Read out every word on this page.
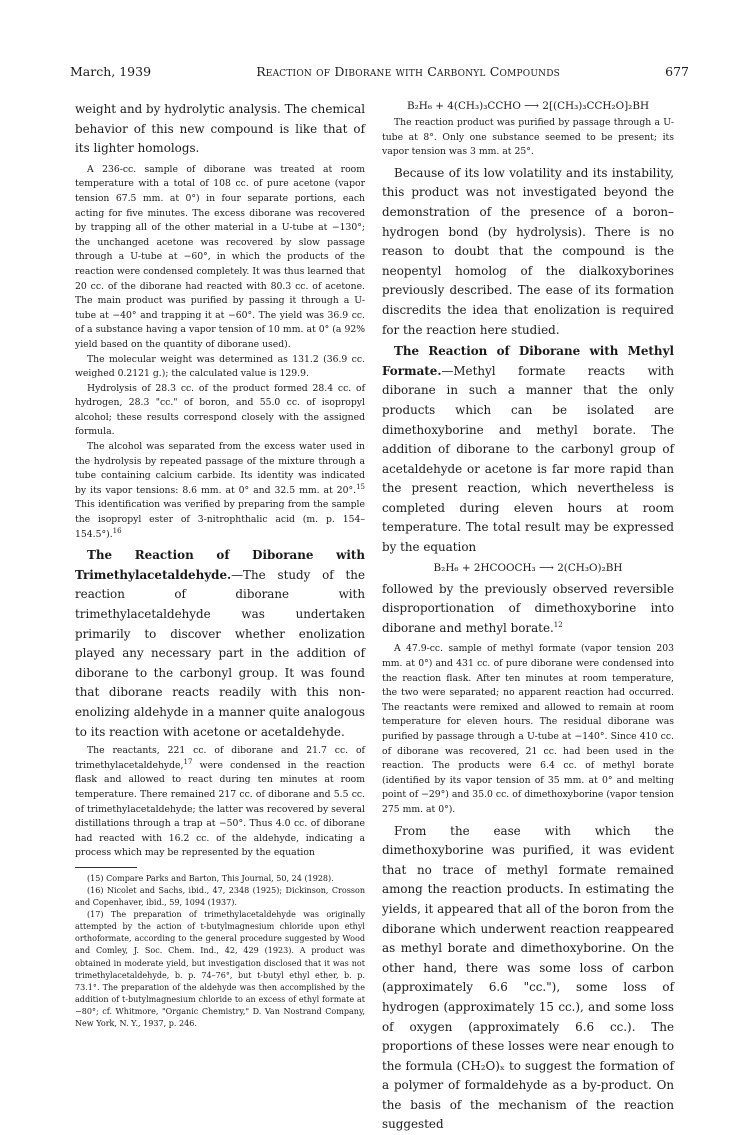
March, 1939	Reaction of Diborane with Carbonyl Compounds	677

weight and by hydrolytic analysis. The chemical behavior of this new compound is like that of its lighter homologs.

A 236-cc. sample of diborane was treated at room temperature with a total of 108 cc. of pure acetone (vapor tension 67.5 mm. at 0°) in four separate portions, each acting for five minutes. The excess diborane was recovered by trapping all of the other material in a U-tube at −130°; the unchanged acetone was recovered by slow passage through a U-tube at −60°, in which the products of the reaction were condensed completely. It was thus learned that 20 cc. of the diborane had reacted with 80.3 cc. of acetone. The main product was purified by passing it through a U-tube at −40° and trapping it at −60°. The yield was 36.9 cc. of a substance having a vapor tension of 10 mm. at 0° (a 92% yield based on the quantity of diborane used).

The molecular weight was determined as 131.2 (36.9 cc. weighed 0.2121 g.); the calculated value is 129.9.

Hydrolysis of 28.3 cc. of the product formed 28.4 cc. of hydrogen, 28.3 "cc." of boron, and 55.0 cc. of isopropyl alcohol; these results correspond closely with the assigned formula.

The alcohol was separated from the excess water used in the hydrolysis by repeated passage of the mixture through a tube containing calcium carbide. Its identity was indicated by its vapor tensions: 8.6 mm. at 0° and 32.5 mm. at 20°.$^{15}$ This identification was verified by preparing from the sample the isopropyl ester of 3-nitrophthalic acid (m. p. 154–154.5°).$^{16}$

The Reaction of Diborane with Trimethylacetaldehyde.—The study of the reaction of diborane with trimethylacetaldehyde was undertaken primarily to discover whether enolization played any necessary part in the addition of diborane to the carbonyl group. It was found that diborane reacts readily with this non-enolizing aldehyde in a manner quite analogous to its reaction with acetone or acetaldehyde.

The reactants, 221 cc. of diborane and 21.7 cc. of trimethylacetaldehyde,$^{17}$ were condensed in the reaction flask and allowed to react during ten minutes at room temperature. There remained 217 cc. of diborane and 5.5 cc. of trimethylacetaldehyde; the latter was recovered by several distillations through a trap at −50°. Thus 4.0 cc. of diborane had reacted with 16.2 cc. of the aldehyde, indicating a process which may be represented by the equation

(15) Compare Parks and Barton, This Journal, 50, 24 (1928).

(16) Nicolet and Sachs, ibid., 47, 2348 (1925); Dickinson, Crosson and Copenhaver, ibid., 59, 1094 (1937).

(17) The preparation of trimethylacetaldehyde was originally attempted by the action of t-butylmagnesium chloride upon ethyl orthoformate, according to the general procedure suggested by Wood and Comley, J. Soc. Chem. Ind., 42, 429 (1923). A product was obtained in moderate yield, but investigation disclosed that it was not trimethylacetaldehyde, b. p. 74–76°, but t-butyl ethyl ether, b. p. 73.1°. The preparation of the aldehyde was then accomplished by the addition of t-butylmagnesium chloride to an excess of ethyl formate at −80°; cf. Whitmore, "Organic Chemistry," D. Van Nostrand Company, New York, N. Y., 1937, p. 246.

B₂H₆ + 4(CH₃)₃CCHO ⟶ 2[(CH₃)₃CCH₂O]₂BH

The reaction product was purified by passage through a U-tube at 8°. Only one substance seemed to be present; its vapor tension was 3 mm. at 25°.

Because of its low volatility and its instability, this product was not investigated beyond the demonstration of the presence of a boron–hydrogen bond (by hydrolysis). There is no reason to doubt that the compound is the neopentyl homolog of the dialkoxyborines previously described. The ease of its formation discredits the idea that enolization is required for the reaction here studied.

The Reaction of Diborane with Methyl Formate.—Methyl formate reacts with diborane in such a manner that the only products which can be isolated are dimethoxyborine and methyl borate. The addition of diborane to the carbonyl group of acetaldehyde or acetone is far more rapid than the present reaction, which nevertheless is completed during eleven hours at room temperature. The total result may be expressed by the equation

B₂H₆ + 2HCOOCH₃ ⟶ 2(CH₃O)₂BH

followed by the previously observed reversible disproportionation of dimethoxyborine into diborane and methyl borate.$^{12}$

A 47.9-cc. sample of methyl formate (vapor tension 203 mm. at 0°) and 431 cc. of pure diborane were condensed into the reaction flask. After ten minutes at room temperature, the two were separated; no apparent reaction had occurred. The reactants were remixed and allowed to remain at room temperature for eleven hours. The residual diborane was purified by passage through a U-tube at −140°. Since 410 cc. of diborane was recovered, 21 cc. had been used in the reaction. The products were 6.4 cc. of methyl borate (identified by its vapor tension of 35 mm. at 0° and melting point of −29°) and 35.0 cc. of dimethoxyborine (vapor tension 275 mm. at 0°).

From the ease with which the dimethoxyborine was purified, it was evident that no trace of methyl formate remained among the reaction products. In estimating the yields, it appeared that all of the boron from the diborane which underwent reaction reappeared as methyl borate and dimethoxyborine. On the other hand, there was some loss of carbon (approximately 6.6 "cc."), some loss of hydrogen (approximately 15 cc.), and some loss of oxygen (approximately 6.6 cc.). The proportions of these losses were near enough to the formula (CH₂O)ₓ to suggest the formation of a polymer of formaldehyde as a by-product. On the basis of the mechanism of the reaction suggested
